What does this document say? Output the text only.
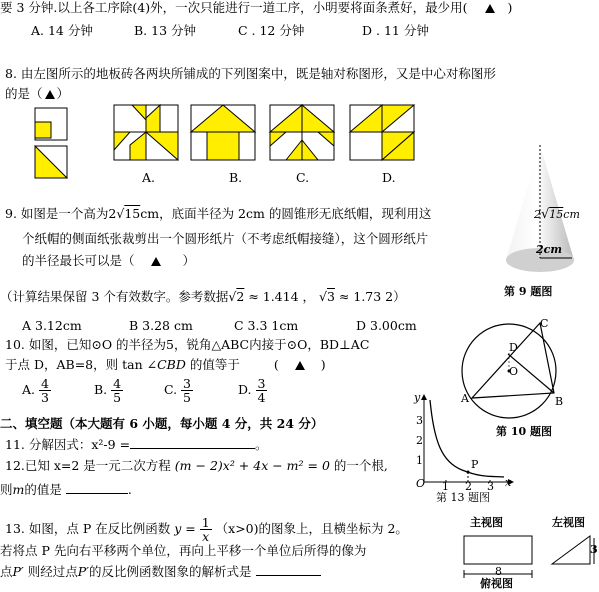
要 3 分钟.以上各工序除(4)外，一次只能进行一道工序，小明要将面条煮好，最少用(	)
A. 14 分钟	B. 13 分钟	C . 12 分钟	D . 11 分钟
8. 由左图所示的地板砖各两块所铺成的下列图案中，既是轴对称图形，又是中心对称图形
的是（ ）
A.	B.	C.	D.
2√15cm
2cm
第 9 题图
9. 如图是一个高为2√15cm，底面半径为 2cm 的圆锥形无底纸帽，现利用这
个纸帽的侧面纸张裁剪出一个圆形纸片（不考虑纸帽接缝），这个圆形纸片
的半径最长可以是（	）
（计算结果保留 3 个有效数字。参考数据√2 ≈ 1.414 ， √3 ≈ 1.73 2）
A 3.12cm	B 3.28 cm	C 3.3 1cm	D 3.00cm	C
D
O
A	B
第 10 题图
10. 如图，已知⊙O 的半径为5，锐角△ABC内接于⊙O，BD⊥AC
于点 D，AB=8，则 tan ∠CBD 的值等于	(	)
A. $\frac{4}{3}$	B. $\frac{4}{5}$	C. $\frac{3}{5}$	D. $\frac{3}{4}$
二、填空题（本大题有 6 小题，每小题 4 分，共 24 分）
11. 分解因式：x²-9 =	。
12.已知 x=2 是一元二次方程 (m − 2)x² + 4x − m² = 0 的一个根,
则m的值是	.
y
x
O
P
1 2 3
1
2
3
第 13 题图
13. 如图，点 P 在反比例函数 $y = \frac{1}{x} (x>0)$的图象上，且横坐标为 2。
若将点 P 先向右平移两个单位，再向上平移一个单位后所得的像为
点P′ 则经过点P′的反比例函数图象的解析式是
主视图	左视图
8
3
俯视图
